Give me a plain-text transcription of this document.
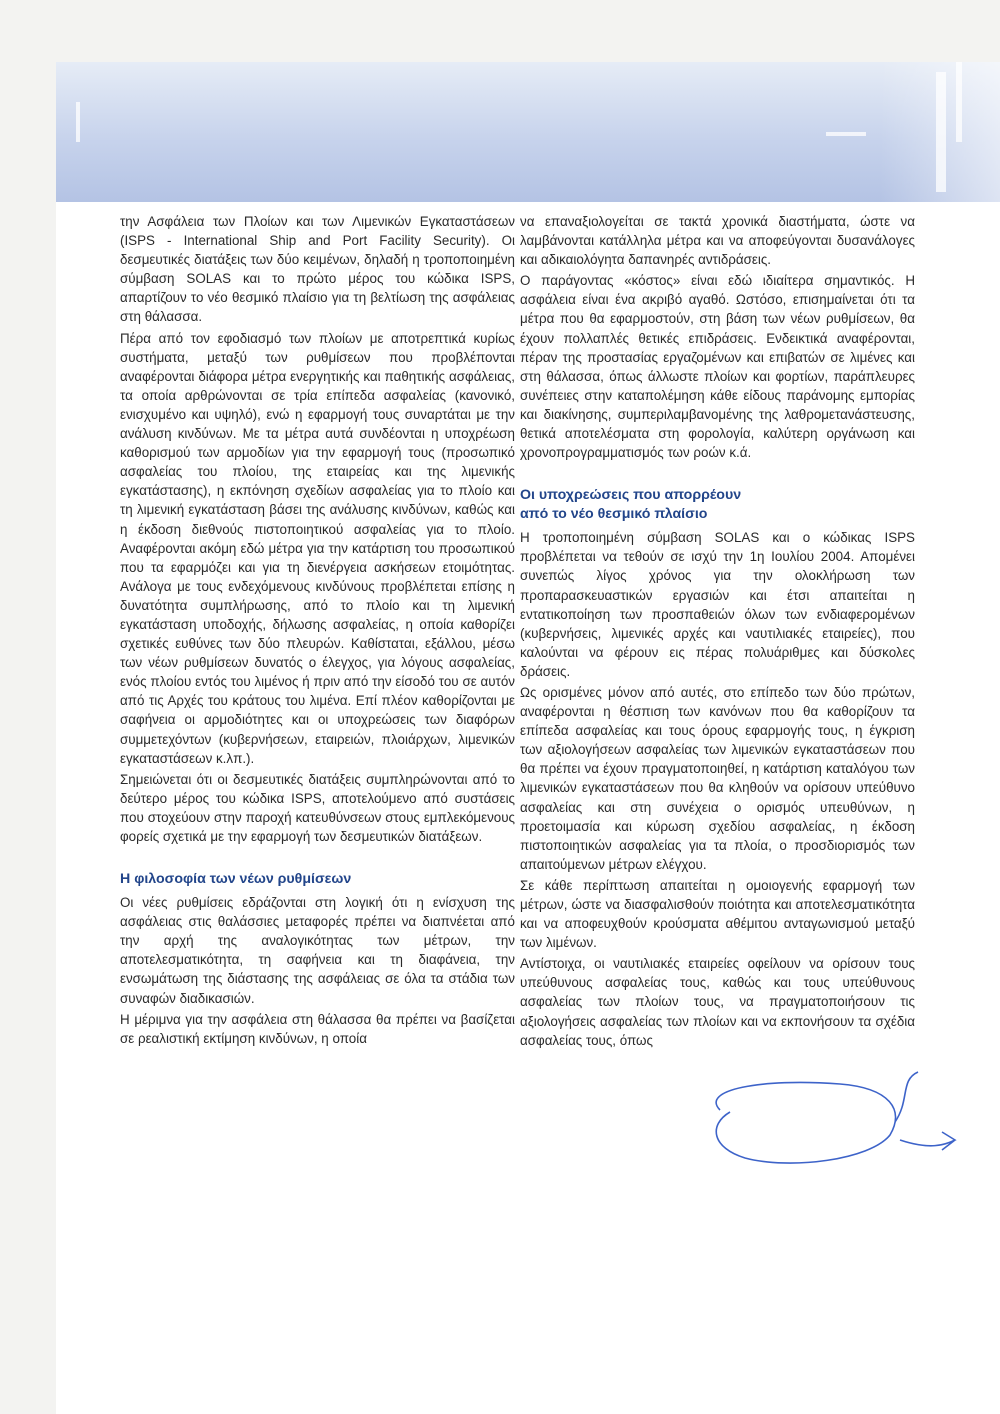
την Ασφάλεια των Πλοίων και των Λιμενικών Εγκαταστάσεων (ISPS - International Ship and Port Facility Security). Οι δεσμευτικές διατάξεις των δύο κειμένων, δηλαδή η τροποποιημένη σύμβαση SOLAS και το πρώτο μέρος του κώδικα ISPS, απαρτίζουν το νέο θεσμικό πλαίσιο για τη βελτίωση της ασφάλειας στη θάλασσα.

Πέρα από τον εφοδιασμό των πλοίων με αποτρεπτικά κυρίως συστήματα, μεταξύ των ρυθμίσεων που προβλέπονται αναφέρονται διάφορα μέτρα ενεργητικής και παθητικής ασφάλειας, τα οποία αρθρώνονται σε τρία επίπεδα ασφαλείας (κανονικό, ενισχυμένο και υψηλό), ενώ η εφαρμογή τους συναρτάται με την ανάλυση κινδύνων. Με τα μέτρα αυτά συνδέονται η υποχρέωση καθορισμού των αρμοδίων για την εφαρμογή τους (προσωπικό ασφαλείας του πλοίου, της εταιρείας και της λιμενικής εγκατάστασης), η εκπόνηση σχεδίων ασφαλείας για το πλοίο και τη λιμενική εγκατάσταση βάσει της ανάλυσης κινδύνων, καθώς και η έκδοση διεθνούς πιστοποιητικού ασφαλείας για το πλοίο. Αναφέρονται ακόμη εδώ μέτρα για την κατάρτιση του προσωπικού που τα εφαρμόζει και για τη διενέργεια ασκήσεων ετοιμότητας. Ανάλογα με τους ενδεχόμενους κινδύνους προβλέπεται επίσης η δυνατότητα συμπλήρωσης, από το πλοίο και τη λιμενική εγκατάσταση υποδοχής, δήλωσης ασφαλείας, η οποία καθορίζει σχετικές ευθύνες των δύο πλευρών. Καθίσταται, εξάλλου, μέσω των νέων ρυθμίσεων δυνατός ο έλεγχος, για λόγους ασφαλείας, ενός πλοίου εντός του λιμένος ή πριν από την είσοδό του σε αυτόν από τις Αρχές του κράτους του λιμένα. Επί πλέον καθορίζονται με σαφήνεια οι αρμοδιότητες και οι υποχρεώσεις των διαφόρων συμμετεχόντων (κυβερνήσεων, εταιρειών, πλοιάρχων, λιμενικών εγκαταστάσεων κ.λπ.).

Σημειώνεται ότι οι δεσμευτικές διατάξεις συμπληρώνονται από το δεύτερο μέρος του κώδικα ISPS, αποτελούμενο από συστάσεις που στοχεύουν στην παροχή κατευθύνσεων στους εμπλεκόμενους φορείς σχετικά με την εφαρμογή των δεσμευτικών διατάξεων.

Η φιλοσοφία των νέων ρυθμίσεων

Οι νέες ρυθμίσεις εδράζονται στη λογική ότι η ενίσχυση της ασφάλειας στις θαλάσσιες μεταφορές πρέπει να διαπνέεται από την αρχή της αναλογικότητας των μέτρων, την αποτελεσματικότητα, τη σαφήνεια και τη διαφάνεια, την ενσωμάτωση της διάστασης της ασφάλειας σε όλα τα στάδια των συναφών διαδικασιών.

Η μέριμνα για την ασφάλεια στη θάλασσα θα πρέπει να βασίζεται σε ρεαλιστική εκτίμηση κινδύνων, η οποία

να επαναξιολογείται σε τακτά χρονικά διαστήματα, ώστε να λαμβάνονται κατάλληλα μέτρα και να αποφεύγονται δυσανάλογες και αδικαιολόγητα δαπανηρές αντιδράσεις.

Ο παράγοντας «κόστος» είναι εδώ ιδιαίτερα σημαντικός. Η ασφάλεια είναι ένα ακριβό αγαθό. Ωστόσο, επισημαίνεται ότι τα μέτρα που θα εφαρμοστούν, στη βάση των νέων ρυθμίσεων, θα έχουν πολλαπλές θετικές επιδράσεις. Ενδεικτικά αναφέρονται, πέραν της προστασίας εργαζομένων και επιβατών σε λιμένες και στη θάλασσα, όπως άλλωστε πλοίων και φορτίων, παράπλευρες συνέπειες στην καταπολέμηση κάθε είδους παράνομης εμπορίας και διακίνησης, συμπεριλαμβανομένης της λαθρομετανάστευσης, θετικά αποτελέσματα στη φορολογία, καλύτερη οργάνωση και χρονοπρογραμματισμός των ροών κ.ά.

Οι υποχρεώσεις που απορρέουν
από το νέο θεσμικό πλαίσιο

Η τροποποιημένη σύμβαση SOLAS και ο κώδικας ISPS προβλέπεται να τεθούν σε ισχύ την 1η Ιουλίου 2004. Απομένει συνεπώς λίγος χρόνος για την ολοκλήρωση των προπαρασκευαστικών εργασιών και έτσι απαιτείται η εντατικοποίηση των προσπαθειών όλων των ενδιαφερομένων (κυβερνήσεις, λιμενικές αρχές και ναυτιλιακές εταιρείες), που καλούνται να φέρουν εις πέρας πολυάριθμες και δύσκολες δράσεις.

Ως ορισμένες μόνον από αυτές, στο επίπεδο των δύο πρώτων, αναφέρονται η θέσπιση των κανόνων που θα καθορίζουν τα επίπεδα ασφαλείας και τους όρους εφαρμογής τους, η έγκριση των αξιολογήσεων ασφαλείας των λιμενικών εγκαταστάσεων που θα πρέπει να έχουν πραγματοποιηθεί, η κατάρτιση καταλόγου των λιμενικών εγκαταστάσεων που θα κληθούν να ορίσουν υπεύθυνο ασφαλείας και στη συνέχεια ο ορισμός υπευθύνων, η προετοιμασία και κύρωση σχεδίου ασφαλείας, η έκδοση πιστοποιητικών ασφαλείας για τα πλοία, ο προσδιορισμός των απαιτούμενων μέτρων ελέγχου.

Σε κάθε περίπτωση απαιτείται η ομοιογενής εφαρμογή των μέτρων, ώστε να διασφαλισθούν ποιότητα και αποτελεσματικότητα και να αποφευχθούν κρούσματα αθέμιτου ανταγωνισμού μεταξύ των λιμένων.

Αντίστοιχα, οι ναυτιλιακές εταιρείες οφείλουν να ορίσουν τους υπεύθυνους ασφαλείας τους, καθώς και τους υπεύθυνους ασφαλείας των πλοίων τους, να πραγματοποιήσουν τις αξιολογήσεις ασφαλείας των πλοίων και να εκπονήσουν τα σχέδια ασφαλείας τους, όπως
